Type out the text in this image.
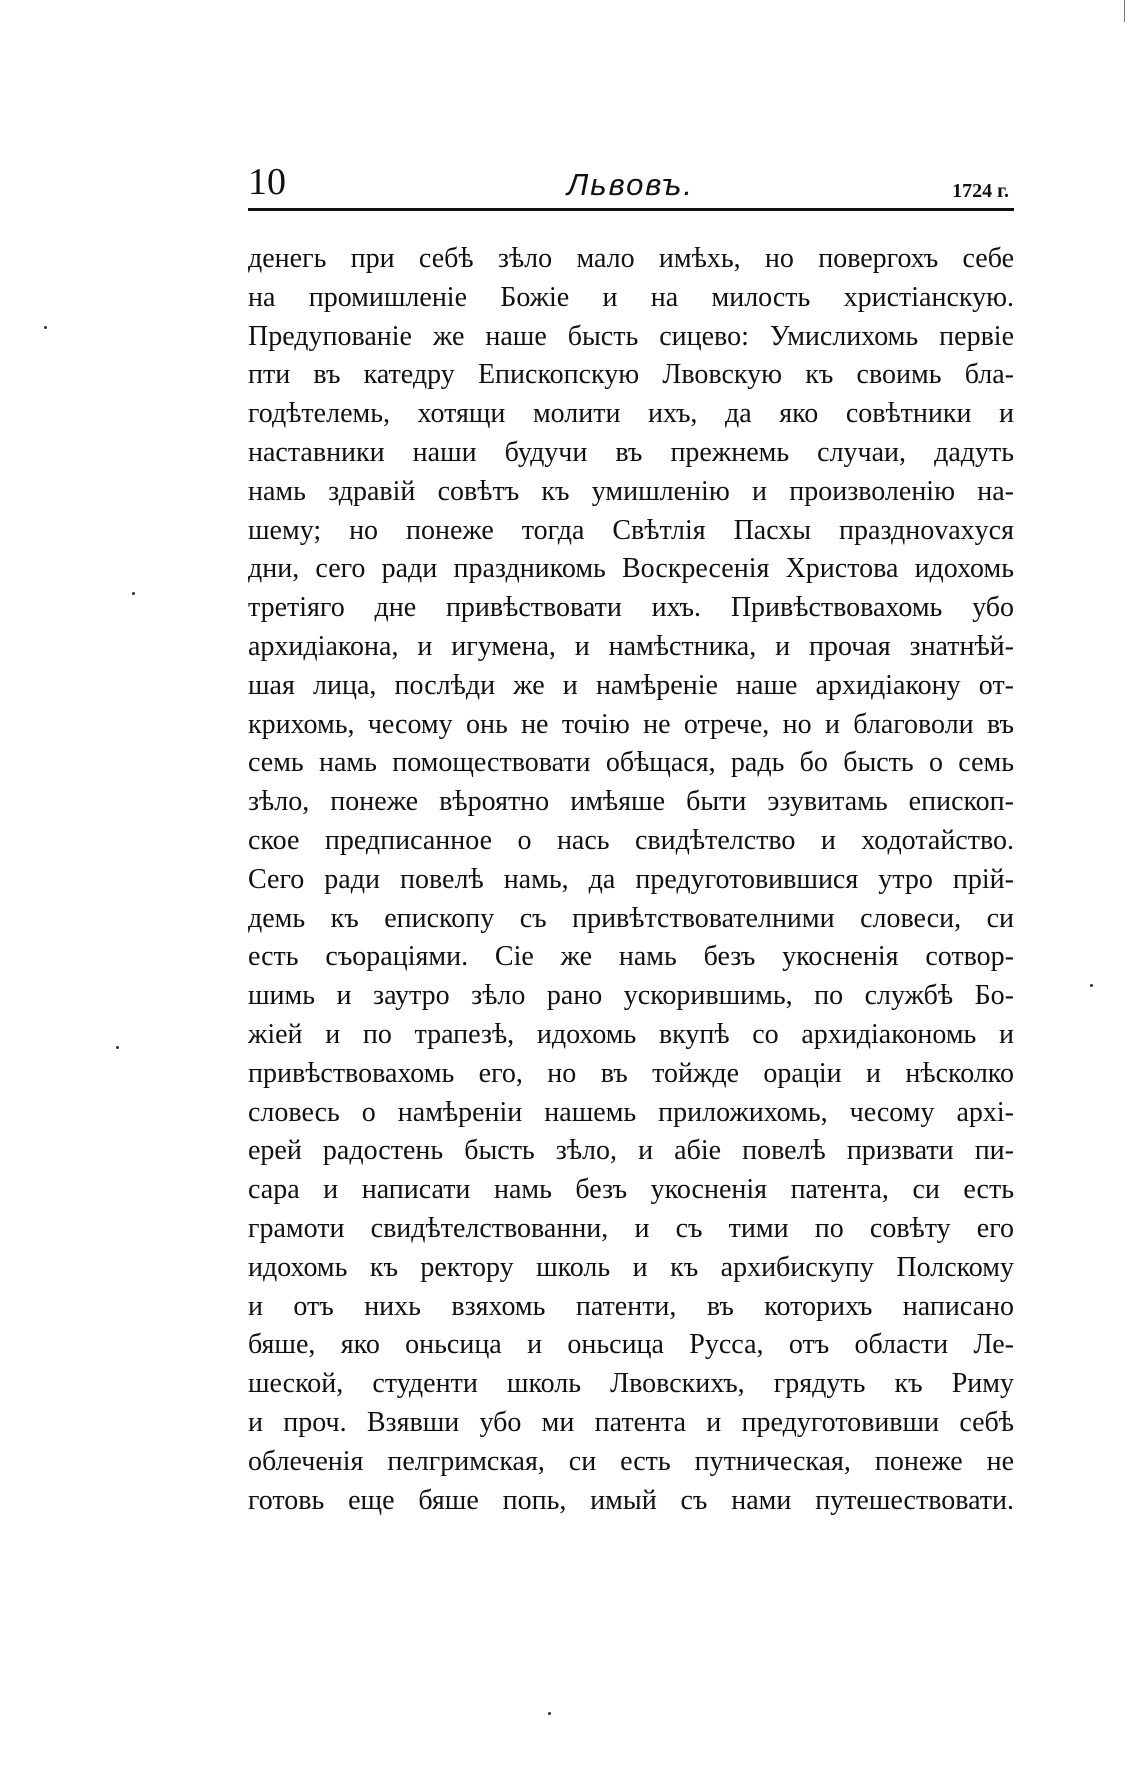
10	Львовъ.	1724 г.
денегь при себѣ зѣло мало имѣхь, но повергохъ себе
на промишленіе Божіе и на милость христіанскую.
Предупованіе же наше бысть сицево: Умислихомь первіе
пти въ катедру Епископскую Лвовскую къ своимь бла-
годѣтелемь, хотящи молити ихъ, да яко совѣтники и
наставники наши будучи въ прежнемь случаи, дадуть
намь здравій совѣтъ къ умишленію и произволенію на-
шему; но понеже тогда Свѣтлія Пасхы празднovaxуся
дни, сего ради праздникомь Воскресенія Христова идохомь
третіяго дне привѣствовати ихъ. Привѣствовахомь убо
архидіакона, и игумена, и намѣстника, и прочая знатнѣй-
шая лица, послѣди же и намѣреніе наше архидіакону от-
крихомь, чесому онь не точію не отрече, но и благоволи въ
семь намь помоществовати обѣщася, радь бо бысть о семь
зѣло, понеже вѣроятно имѣяше быти эзувитамь епископ-
ское предписанное о нась свидѣтелство и ходотайство.
Сего ради повелѣ намь, да предуготовившися утро прій-
демь къ епископу съ привѣтствователними словеси, си
есть съораціями. Сіе же намь безъ укосненія сотвор-
шимь и заутро зѣло рано ускорившимь, по службѣ Бо-
жіей и по трапезѣ, идохомь вкупѣ со архидіакономь и
привѣствовахомь его, но въ тойжде ораціи и нѣсколко
словесь о намѣреніи нашемь приложихомь, чесому архі-
ерей радостень бысть зѣло, и абіе повелѣ призвати пи-
сара и написати намь безъ укосненія патента, си есть
грамоти свидѣтелствованни, и съ тими по совѣту его
идохомь къ ректору школь и къ архибискупу Полскому
и отъ нихь взяхомь патенти, въ которихъ написано
бяше, яко оньсица и оньсица Русса, отъ области Ле-
шеской, студенти школь Лвовскихъ, грядуть къ Риму
и проч. Взявши убо ми патента и предуготовивши себѣ
облеченія пелгримская, си есть путническая, понеже не
готовь еще бяше попь, имый съ нами путешествовати.
